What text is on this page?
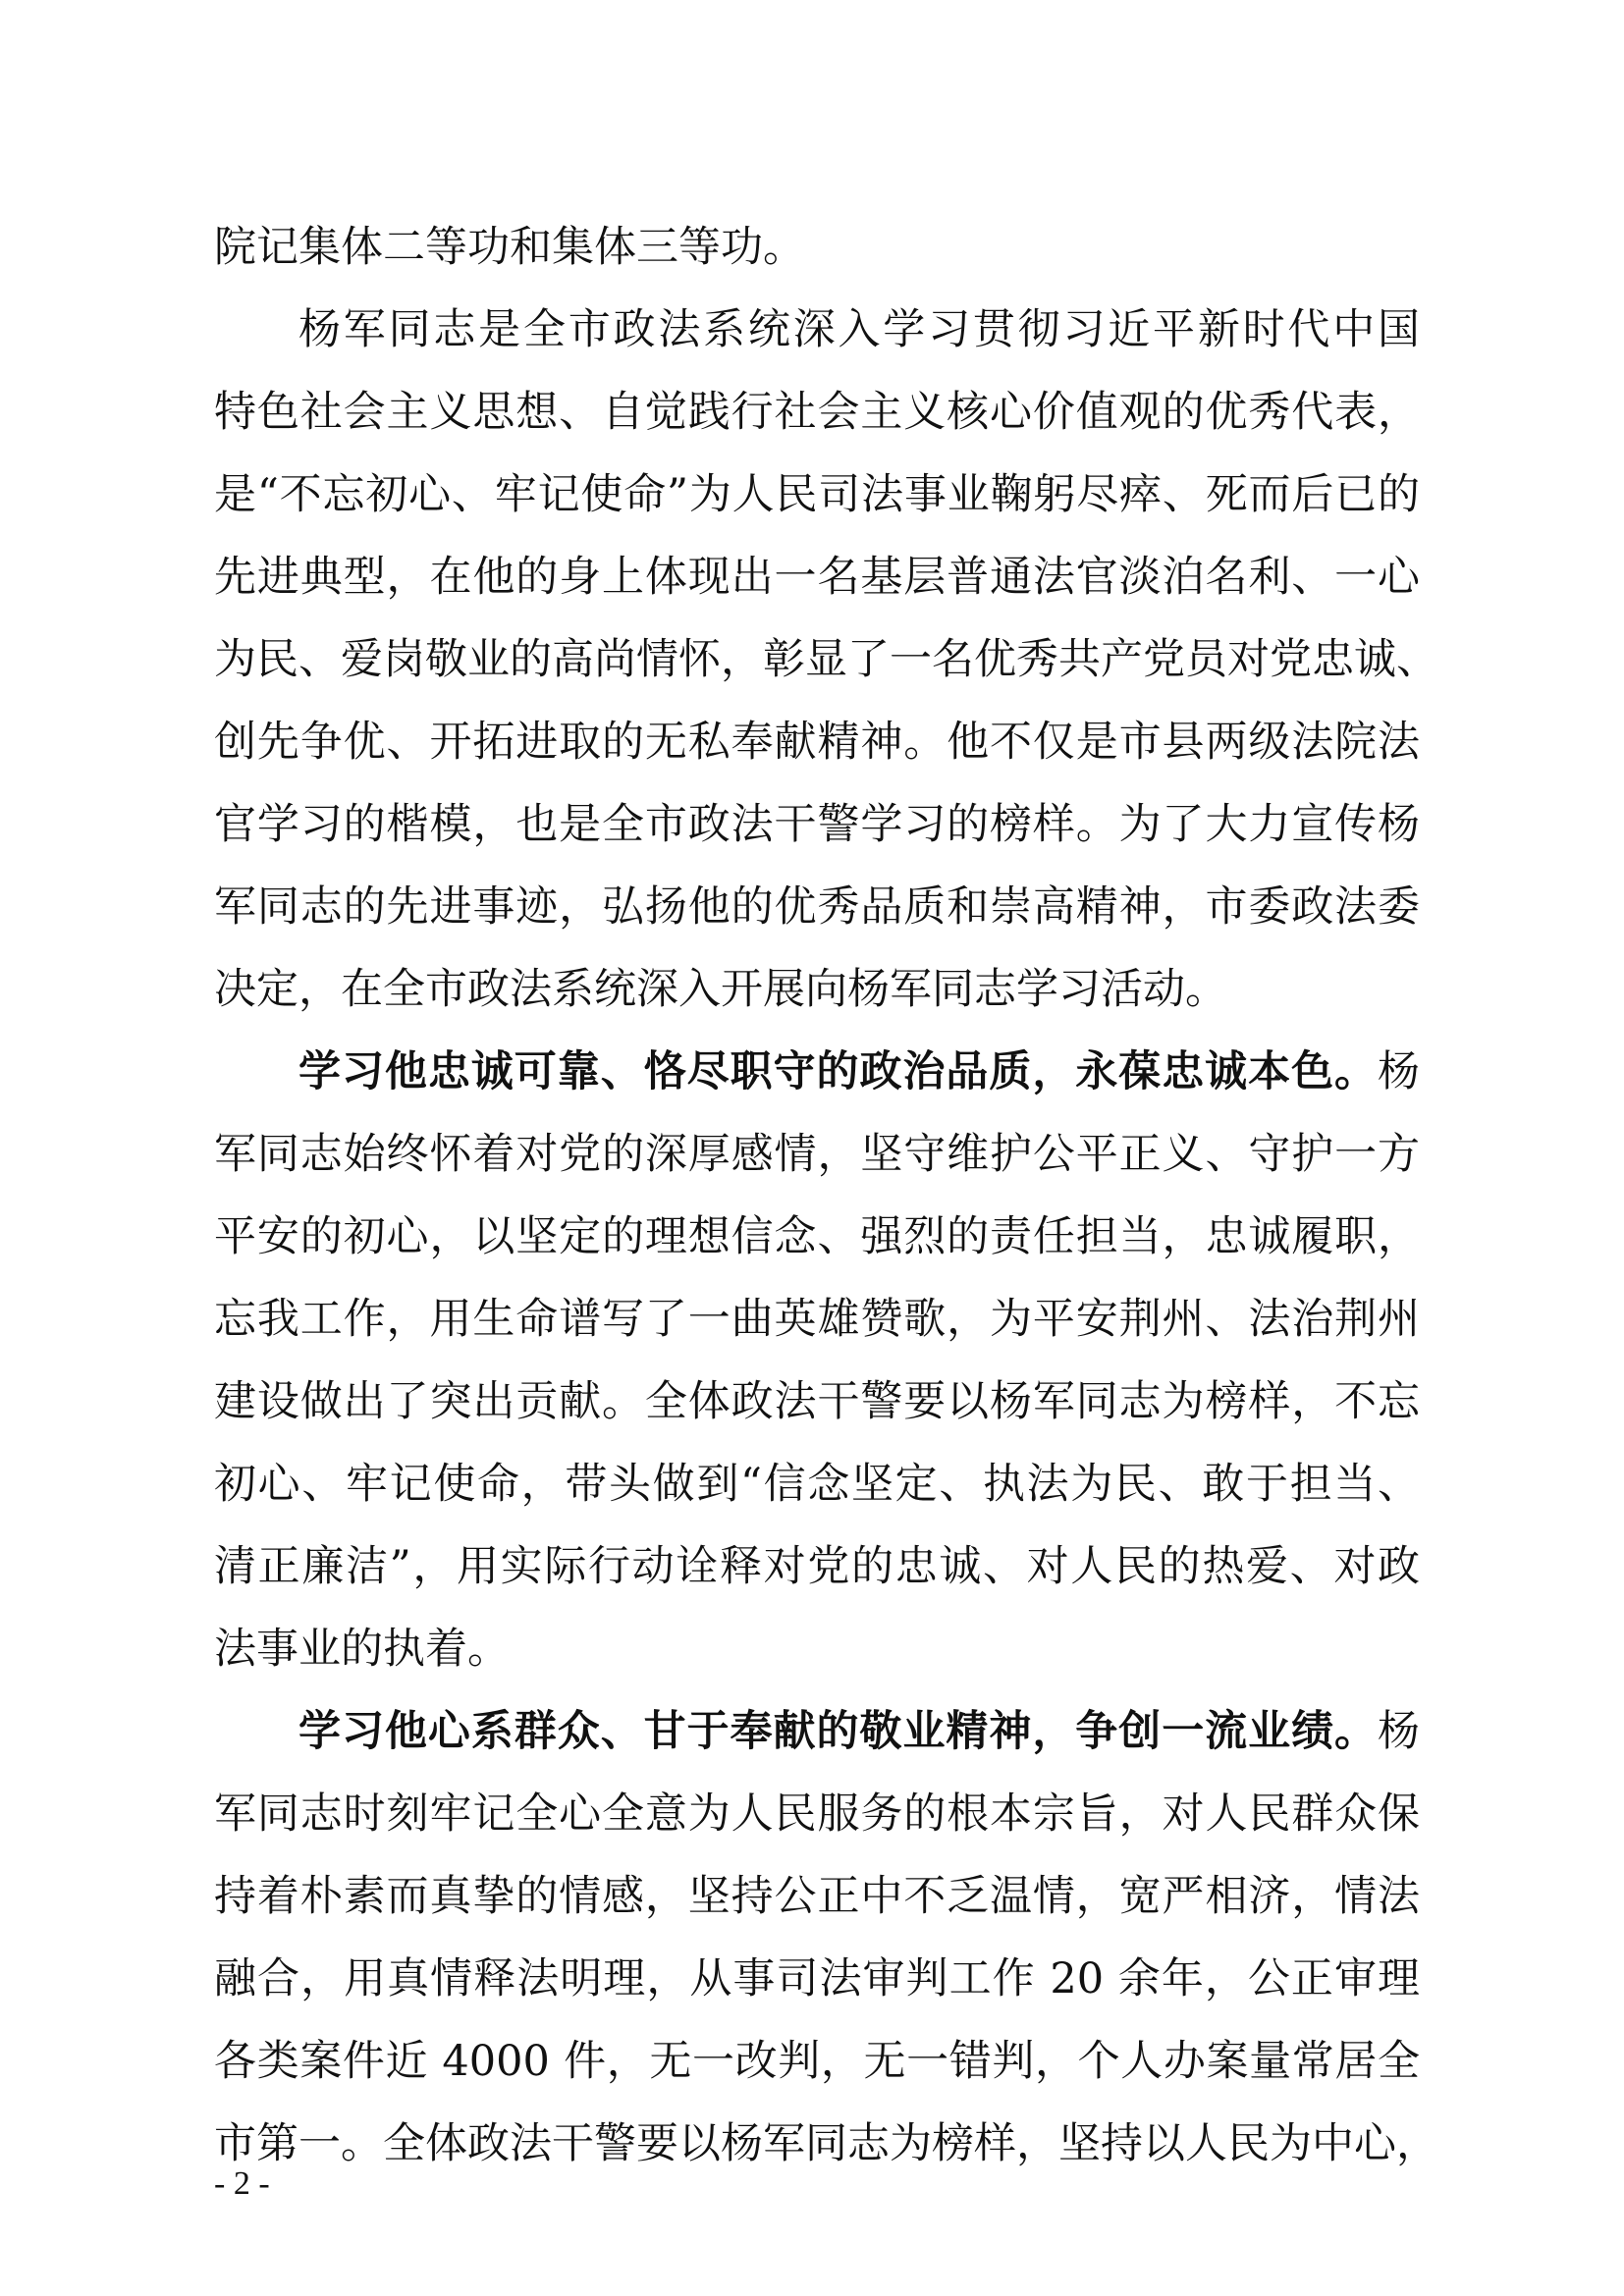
院记集体二等功和集体三等功。
杨军同志是全市政法系统深入学习贯彻习近平新时代中国
特色社会主义思想、自觉践行社会主义核心价值观的优秀代表，
是“不忘初心、牢记使命”为人民司法事业鞠躬尽瘁、死而后已的
先进典型，在他的身上体现出一名基层普通法官淡泊名利、一心
为民、爱岗敬业的高尚情怀，彰显了一名优秀共产党员对党忠诚、
创先争优、开拓进取的无私奉献精神。他不仅是市县两级法院法
官学习的楷模，也是全市政法干警学习的榜样。为了大力宣传杨
军同志的先进事迹，弘扬他的优秀品质和崇高精神，市委政法委
决定，在全市政法系统深入开展向杨军同志学习活动。
学习他忠诚可靠、恪尽职守的政治品质，永葆忠诚本色。杨
军同志始终怀着对党的深厚感情，坚守维护公平正义、守护一方
平安的初心，以坚定的理想信念、强烈的责任担当，忠诚履职，
忘我工作，用生命谱写了一曲英雄赞歌，为平安荆州、法治荆州
建设做出了突出贡献。全体政法干警要以杨军同志为榜样，不忘
初心、牢记使命，带头做到“信念坚定、执法为民、敢于担当、
清正廉洁”，用实际行动诠释对党的忠诚、对人民的热爱、对政
法事业的执着。
学习他心系群众、甘于奉献的敬业精神，争创一流业绩。杨
军同志时刻牢记全心全意为人民服务的根本宗旨，对人民群众保
持着朴素而真挚的情感，坚持公正中不乏温情，宽严相济，情法
融合，用真情释法明理，从事司法审判工作 20 余年，公正审理
各类案件近 4000 件，无一改判，无一错判，个人办案量常居全
市第一。全体政法干警要以杨军同志为榜样，坚持以人民为中心，
- 2 -
